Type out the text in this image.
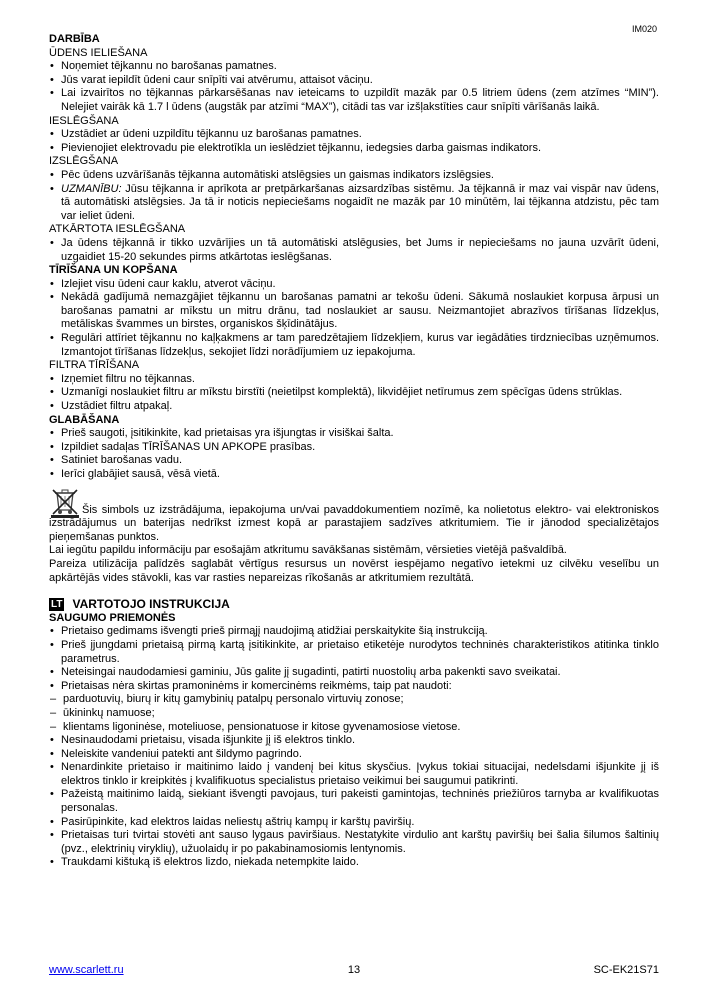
IM020
DARBĪBA
ŪDENS IELIEŠANA
• Noņemiet tējkannu no barošanas pamatnes.
• Jūs varat iepildīt ūdeni caur snīpīti vai atvērumu, attaisot vāciņu.
• Lai izvairītos no tējkannas pārkarsēšanas nav ieteicams to uzpildīt mazāk par 0.5 litriem ūdens (zem atzīmes “MIN”). Nelejiet vairāk kā 1.7 l ūdens (augstāk par atzīmi “MAX”), citādi tas var izšļakstīties caur snīpīti vārīšanās laikā.
IESLĒGŠANA
• Uzstādiet ar ūdeni uzpildītu tējkannu uz barošanas pamatnes.
• Pievienojiet elektrovadu pie elektrotīkla un ieslēdziet tējkannu, iedegsies darba gaismas indikators.
IZSLĒGŠANA
• Pēc ūdens uzvārīšanās tējkanna automātiski atslēgsies un gaismas indikators izslēgsies.
• UZMANĪBU: Jūsu tējkanna ir aprīkota ar pretpārkaršanas aizsardzības sistēmu. Ja tējkannā ir maz vai vispār nav ūdens, tā automātiski atslēgsies. Ja tā ir noticis nepieciešams nogaidīt ne mazāk par 10 minūtēm, lai tējkanna atdzistu, pēc tam var ieliet ūdeni.
ATKĀRTOTA IESLĒGŠANA
• Ja ūdens tējkannā ir tikko uzvārījies un tā automātiski atslēgusies, bet Jums ir nepieciešams no jauna uzvārīt ūdeni, uzgaidiet 15-20 sekundes pirms atkārtotas ieslēgšanas.
TĪRĪŠANA UN KOPŠANA
• Izlejiet visu ūdeni caur kaklu, atverot vāciņu.
• Nekādā gadījumā nemazgājiet tējkannu un barošanas pamatni ar tekošu ūdeni. Sākumā noslaukiet korpusa ārpusi un barošanas pamatni ar mīkstu un mitru drānu, tad noslaukiet ar sausu. Neizmantojiet abrazīvos tīrīšanas līdzekļus, metāliskas švammes un birstes, organiskos šķīdinātājus.
• Regulāri attīriet tējkannu no kaļķakmens ar tam paredzētajiem līdzekļiem, kurus var iegādāties tirdzniecības uzņēmumos. Izmantojot tīrīšanas līdzekļus, sekojiet līdzi norādījumiem uz iepakojuma.
FILTRA TĪRĪŠANA
• Izņemiet filtru no tējkannas.
• Uzmanīgi noslaukiet filtru ar mīkstu birstīti (neietilpst komplektā), likvidējiet netīrumus zem spēcīgas ūdens strūklas.
• Uzstādiet filtru atpakaļ.
GLABĀŠANA
• Prieš saugoti, įsitikinkite, kad prietaisas yra išjungtas ir visiškai šalta.
• Izpildiet sadaļas TĪRĪŠANAS UN APKOPE prasības.
• Satiniet barošanas vadu.
• Ierīci glabājiet sausā, vēsā vietā.

Šis simbols uz izstrādājuma, iepakojuma un/vai pavaddokumentiem nozīmē, ka nolietotus elektro- vai elektroniskos izstrādājumus un baterijas nedrīkst izmest kopā ar parastajiem sadzīves atkritumiem. Tie ir jānodod specializētajos pieņemšanas punktos.

Lai iegūtu papildu informāciju par esošajām atkritumu savākšanas sistēmām, vērsieties vietējā pašvaldībā.

Pareiza utilizācija palīdzēs saglabāt vērtīgus resursus un novērst iespējamo negatīvo ietekmi uz cilvēku veselību un apkārtējās vides stāvokli, kas var rasties nepareizas rīkošanās ar atkritumiem rezultātā.

LT VARTOTOJO INSTRUKCIJA
SAUGUMO PRIEMONĖS
• Prietaiso gedimams išvengti prieš pirmąjį naudojimą atidžiai perskaitykite šią instrukciją.
• Prieš įjungdami prietaisą pirmą kartą įsitikinkite, ar prietaiso etiketėje nurodytos techninės charakteristikos atitinka tinklo parametrus.
• Neteisingai naudodamiesi gaminiu, Jūs galite jį sugadinti, patirti nuostolių arba pakenkti savo sveikatai.
• Prietaisas nėra skirtas pramoninėms ir komercinėms reikmėms, taip pat naudoti:
– parduotuvių, biurų ir kitų gamybinių patalpų personalo virtuvių zonose;
– ūkininkų namuose;
– klientams ligoninėse, moteliuose, pensionatuose ir kitose gyvenamosiose vietose.
• Nesinaudodami prietaisu, visada išjunkite jį iš elektros tinklo.
• Neleiskite vandeniui patekti ant šildymo pagrindo.
• Nenardinkite prietaiso ir maitinimo laido į vandenį bei kitus skysčius. Įvykus tokiai situacijai, nedelsdami išjunkite jį iš elektros tinklo ir kreipkitės į kvalifikuotus specialistus prietaiso veikimui bei saugumui patikrinti.
• Pažeistą maitinimo laidą, siekiant išvengti pavojaus, turi pakeisti gamintojas, techninės priežiūros tarnyba ar kvalifikuotas personalas.
• Pasirūpinkite, kad elektros laidas neliestų aštrių kampų ir karštų paviršių.
• Prietaisas turi tvirtai stovėti ant sauso lygaus paviršiaus. Nestatykite virdulio ant karštų paviršių bei šalia šilumos šaltinių (pvz., elektrinių viryklių), užuolaidų ir po pakabinamosiomis lentynomis.
• Traukdami kištuką iš elektros lizdo, niekada netempkite laido.
www.scarlett.ru	13	SC-EK21S71
